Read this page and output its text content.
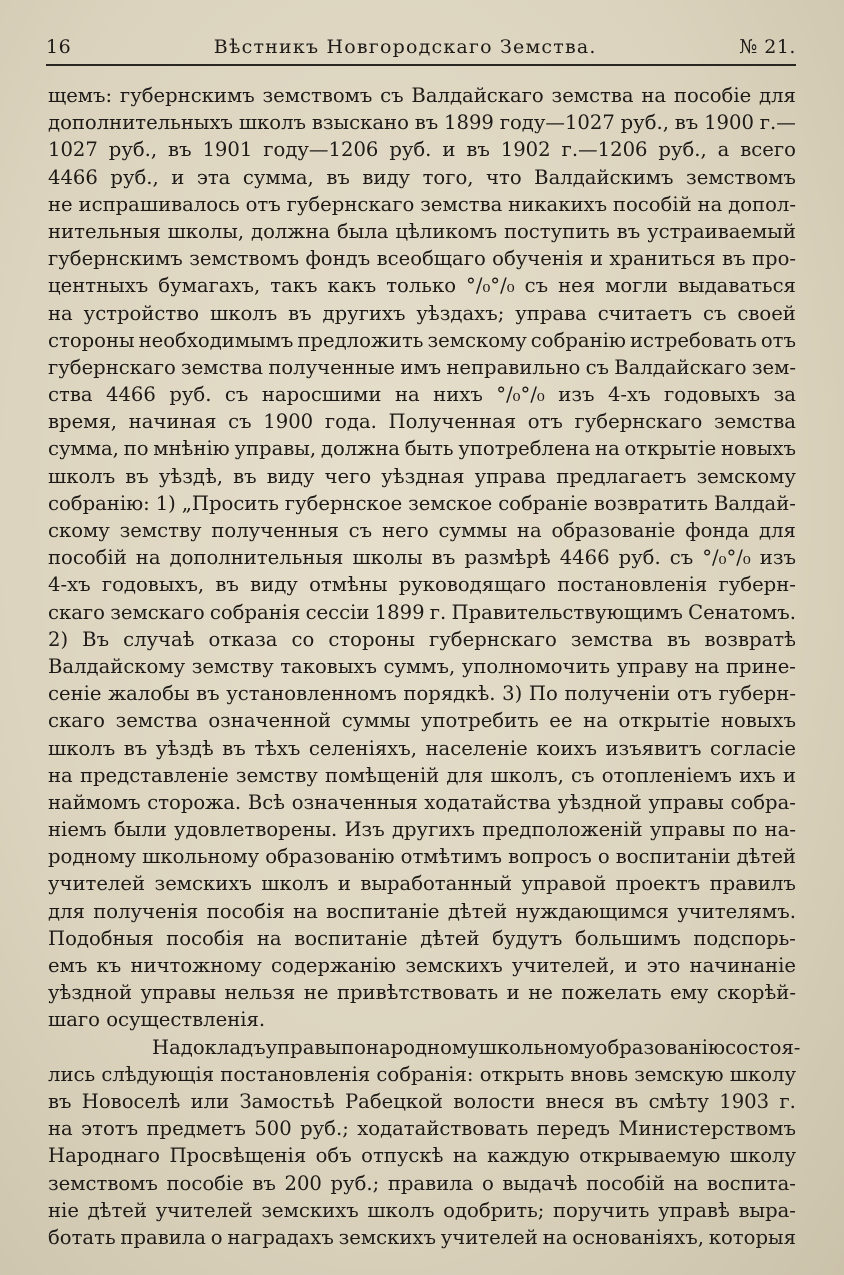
16	Вѣстникъ Новгородскаго Земства.	№ 21.
щемъ: губернскимъ земствомъ съ Валдайскаго земства на пособіе для
дополнительныхъ школъ взыскано въ 1899 году—1027 руб., въ 1900 г.—
1027 руб., въ 1901 году—1206 руб. и въ 1902 г.—1206 руб., а всего
4466 руб., и эта сумма, въ виду того, что Валдайскимъ земствомъ
не испрашивалось отъ губернскаго земства никакихъ пособій на допол-
нительныя школы, должна была цѣликомъ поступить въ устраиваемый
губернскимъ земствомъ фондъ всеобщаго обученія и храниться въ про-
центныхъ бумагахъ, такъ какъ только °/₀°/₀ съ нея могли выдаваться
на устройство школъ въ другихъ уѣздахъ; управа считаетъ съ своей
стороны необходимымъ предложить земскому собранію истребовать отъ
губернскаго земства полученные имъ неправильно съ Валдайскаго зем-
ства 4466 руб. съ наросшими на нихъ °/₀°/₀ изъ 4-хъ годовыхъ за
время, начиная съ 1900 года. Полученная отъ губернскаго земства
сумма, по мнѣнію управы, должна быть употреблена на открытіе новыхъ
школъ въ уѣздѣ, въ виду чего уѣздная управа предлагаетъ земскому
собранію: 1) „Просить губернское земское собраніе возвратить Валдай-
скому земству полученныя съ него суммы на образованіе фонда для
пособій на дополнительныя школы въ размѣрѣ 4466 руб. съ °/₀°/₀ изъ
4-хъ годовыхъ, въ виду отмѣны руководящаго постановленія губерн-
скаго земскаго собранія сессіи 1899 г. Правительствующимъ Сенатомъ.
2) Въ случаѣ отказа со стороны губернскаго земства въ возвратѣ
Валдайскому земству таковыхъ суммъ, уполномочить управу на прине-
сеніе жалобы въ установленномъ порядкѣ. 3) По полученіи отъ губерн-
скаго земства означенной суммы употребить ее на открытіе новыхъ
школъ въ уѣздѣ въ тѣхъ селеніяхъ, населеніе коихъ изъявитъ согласіе
на представленіе земству помѣщеній для школъ, съ отопленіемъ ихъ и
наймомъ сторожа. Всѣ означенныя ходатайства уѣздной управы собра-
ніемъ были удовлетворены. Изъ другихъ предположеній управы по на-
родному школьному образованію отмѣтимъ вопросъ о воспитаніи дѣтей
учителей земскихъ школъ и выработанный управой проектъ правилъ
для полученія пособія на воспитаніе дѣтей нуждающимся учителямъ.
Подобныя пособія на воспитаніе дѣтей будутъ большимъ подспорь-
емъ къ ничтожному содержанію земскихъ учителей, и это начинаніе
уѣздной управы нельзя не привѣтствовать и не пожелать ему скорѣй-
шаго осуществленія.
На докладъ управы по народному школьному образованію состоя-
лись слѣдующія постановленія собранія: открыть вновь земскую школу
въ Новоселѣ или Замостьѣ Рабецкой волости внеся въ смѣту 1903 г.
на этотъ предметъ 500 руб.; ходатайствовать передъ Министерствомъ
Народнаго Просвѣщенія объ отпускѣ на каждую открываемую школу
земствомъ пособіе въ 200 руб.; правила о выдачѣ пособій на воспита-
ніе дѣтей учителей земскихъ школъ одобрить; поручить управѣ выра-
ботать правила о наградахъ земскихъ учителей на основаніяхъ, которыя
